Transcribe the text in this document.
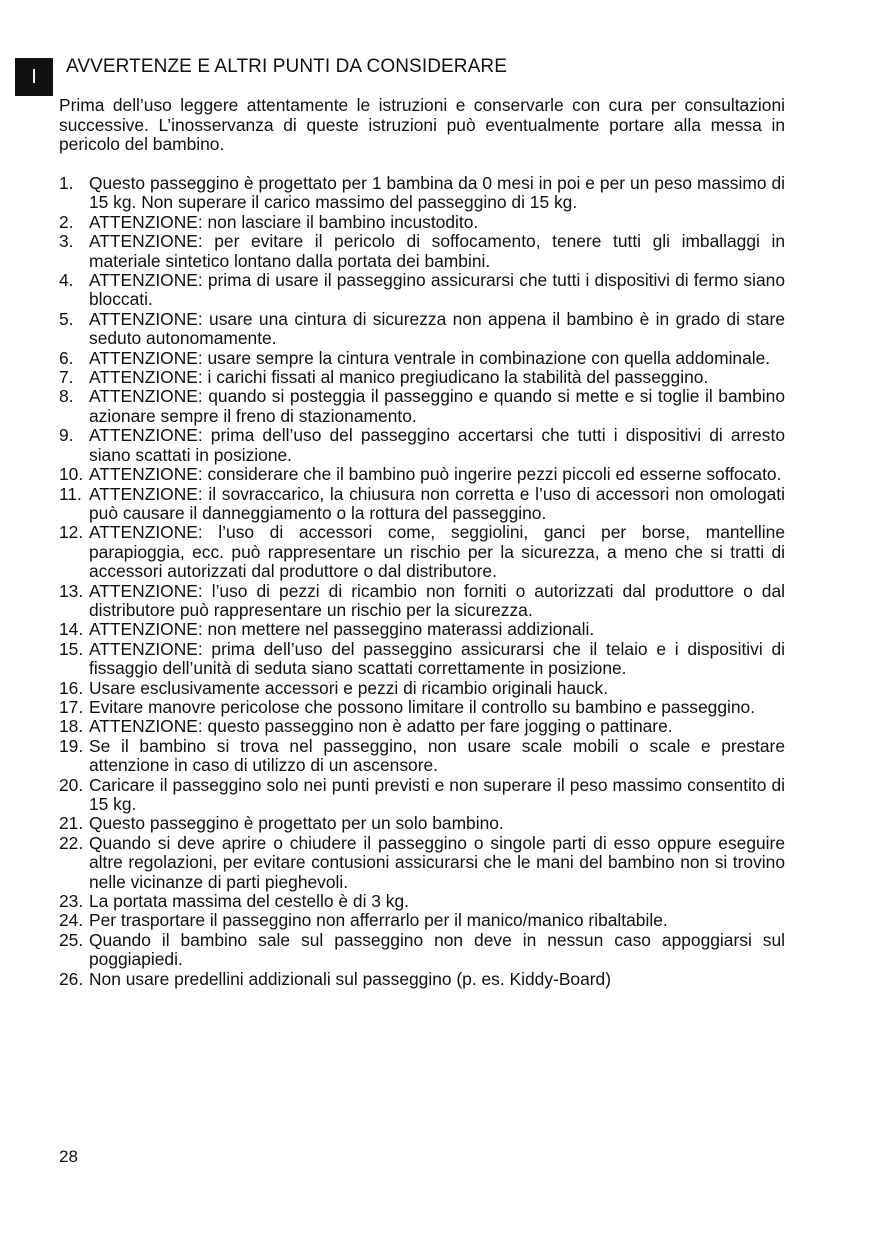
I	AVVERTENZE E ALTRI PUNTI DA CONSIDERARE

Prima dell’uso leggere attentamente le istruzioni e conservarle con cura per consultazioni successive. L’inosservanza di queste istruzioni può eventualmente portare alla messa in pericolo del bambino.

1. Questo passeggino è progettato per 1 bambina da 0 mesi in poi e per un peso massimo di 15 kg. Non superare il carico massimo del passeggino di 15 kg.
2. ATTENZIONE: non lasciare il bambino incustodito.
3. ATTENZIONE: per evitare il pericolo di soffocamento, tenere tutti gli imballaggi in materiale sintetico lontano dalla portata dei bambini.
4. ATTENZIONE: prima di usare il passeggino assicurarsi che tutti i dispositivi di fermo siano bloccati.
5. ATTENZIONE: usare una cintura di sicurezza non appena il bambino è in grado di stare seduto autonomamente.
6. ATTENZIONE: usare sempre la cintura ventrale in combinazione con quella addominale.
7. ATTENZIONE: i carichi fissati al manico pregiudicano la stabilità del passeggino.
8. ATTENZIONE: quando si posteggia il passeggino e quando si mette e si toglie il bambino azionare sempre il freno di stazionamento.
9. ATTENZIONE: prima dell’uso del passeggino accertarsi che tutti i dispositivi di arresto siano scattati in posizione.
10. ATTENZIONE: considerare che il bambino può ingerire pezzi piccoli ed esserne soffocato.
11. ATTENZIONE: il sovraccarico, la chiusura non corretta e l’uso di accessori non omologati può causare il danneggiamento o la rottura del passeggino.
12. ATTENZIONE: l’uso di accessori come, seggiolini, ganci per borse, mantelline parapioggia, ecc. può rappresentare un rischio per la sicurezza, a meno che si tratti di accessori autorizzati dal produttore o dal distributore.
13. ATTENZIONE: l’uso di pezzi di ricambio non forniti o autorizzati dal produttore o dal distributore può rappresentare un rischio per la sicurezza.
14. ATTENZIONE: non mettere nel passeggino materassi addizionali.
15. ATTENZIONE: prima dell’uso del passeggino assicurarsi che il telaio e i dispositivi di fissaggio dell’unità di seduta siano scattati correttamente in posizione.
16. Usare esclusivamente accessori e pezzi di ricambio originali hauck.
17. Evitare manovre pericolose che possono limitare il controllo su bambino e passeggino.
18. ATTENZIONE: questo passeggino non è adatto per fare jogging o pattinare.
19. Se il bambino si trova nel passeggino, non usare scale mobili o scale e prestare attenzione in caso di utilizzo di un ascensore.
20. Caricare il passeggino solo nei punti previsti e non superare il peso massimo consentito di 15 kg.
21. Questo passeggino è progettato per un solo bambino.
22. Quando si deve aprire o chiudere il passeggino o singole parti di esso oppure eseguire altre regolazioni, per evitare contusioni assicurarsi che le mani del bambino non si trovino nelle vicinanze di parti pieghevoli.
23. La portata massima del cestello è di 3 kg.
24. Per trasportare il passeggino non afferrarlo per il manico/manico ribaltabile.
25. Quando il bambino sale sul passeggino non deve in nessun caso appoggiarsi sul poggiapiedi.
26. Non usare predellini addizionali sul passeggino (p. es. Kiddy-Board)
28
